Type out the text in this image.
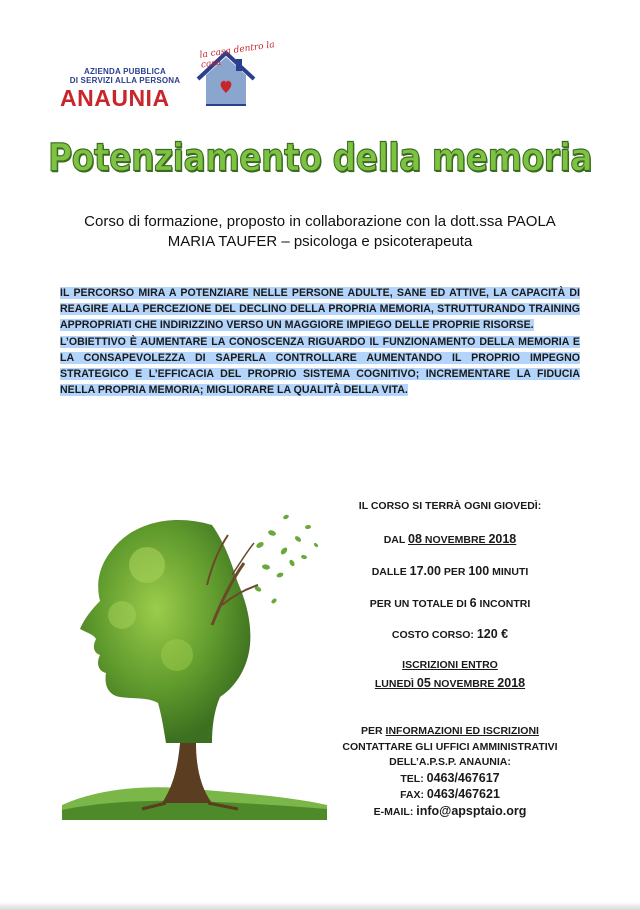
AZIENDA PUBBLICA
DI SERVIZI ALLA PERSONA
ANAUNIA
la casa dentro la casa
Potenziamento della memoria
Corso di formazione, proposto in collaborazione con la dott.ssa PAOLA
MARIA TAUFER – psicologa e psicoterapeuta

IL PERCORSO MIRA A POTENZIARE NELLE PERSONE ADULTE, SANE ED ATTIVE, LA CAPACITÀ DI REAGIRE ALLA PERCEZIONE DEL DECLINO DELLA PROPRIA MEMORIA, STRUTTURANDO TRAINING APPROPRIATI CHE INDIRIZZINO VERSO UN MAGGIORE IMPIEGO DELLE PROPRIE RISORSE.

L’OBIETTIVO È AUMENTARE LA CONOSCENZA RIGUARDO IL FUNZIONAMENTO DELLA MEMORIA E LA CONSAPEVOLEZZA DI SAPERLA CONTROLLARE AUMENTANDO IL PROPRIO IMPEGNO STRATEGICO E L’EFFICACIA DEL PROPRIO SISTEMA COGNITIVO; INCREMENTARE LA FIDUCIA NELLA PROPRIA MEMORIA; MIGLIORARE LA QUALITÀ DELLA VITA.

IL CORSO SI TERRÀ OGNI GIOVEDÌ:
DAL 08 NOVEMBRE 2018
DALLE 17.00 PER 100 MINUTI
PER UN TOTALE DI 6 INCONTRI
COSTO CORSO: 120 €
ISCRIZIONI ENTRO
LUNEDÌ 05 NOVEMBRE 2018
PER INFORMAZIONI ED ISCRIZIONI
CONTATTARE GLI UFFICI AMMINISTRATIVI
DELL’A.P.S.P. ANAUNIA:
TEL: 0463/467617
FAX: 0463/467621
E-MAIL: info@apsptaio.org
